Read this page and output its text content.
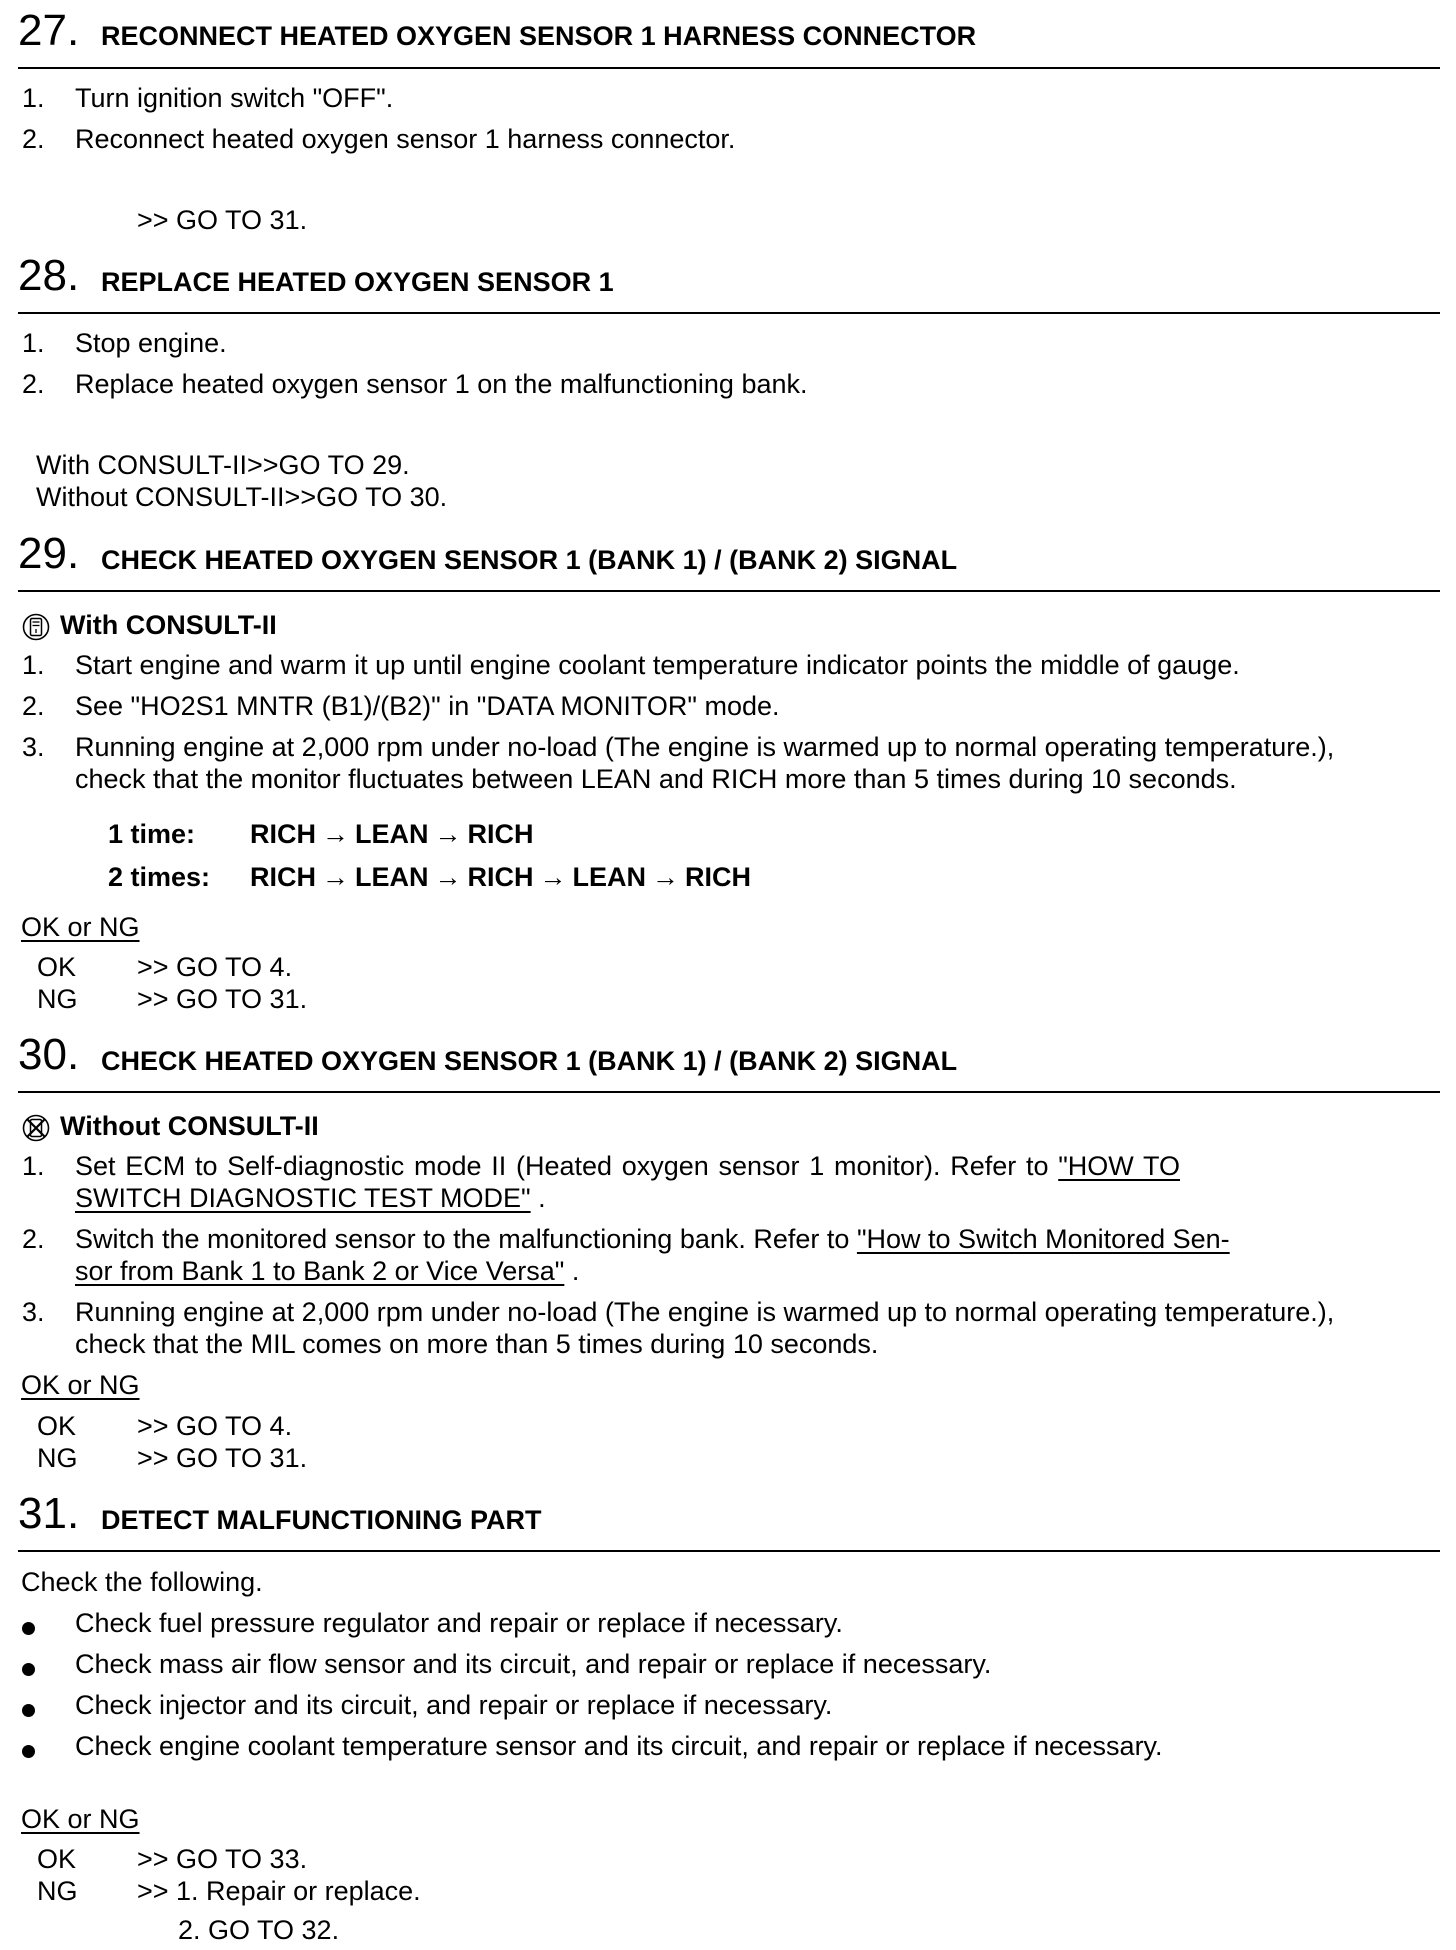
27. RECONNECT HEATED OXYGEN SENSOR 1 HARNESS CONNECTOR
1. Turn ignition switch "OFF".
2. Reconnect heated oxygen sensor 1 harness connector.
>> GO TO 31.
28. REPLACE HEATED OXYGEN SENSOR 1
1. Stop engine.
2. Replace heated oxygen sensor 1 on the malfunctioning bank.
With CONSULT-II>>GO TO 29.
Without CONSULT-II>>GO TO 30.
29. CHECK HEATED OXYGEN SENSOR 1 (BANK 1) / (BANK 2) SIGNAL
With CONSULT-II
1. Start engine and warm it up until engine coolant temperature indicator points the middle of gauge.
2. See "HO2S1 MNTR (B1)/(B2)" in "DATA MONITOR" mode.
3. Running engine at 2,000 rpm under no-load (The engine is warmed up to normal operating temperature.),
check that the monitor fluctuates between LEAN and RICH more than 5 times during 10 seconds.
1 time: RICH → LEAN → RICH
2 times: RICH → LEAN → RICH → LEAN → RICH
OK or NG
OK >> GO TO 4.
NG >> GO TO 31.
30. CHECK HEATED OXYGEN SENSOR 1 (BANK 1) / (BANK 2) SIGNAL
Without CONSULT-II
1. Set ECM to Self-diagnostic mode II (Heated oxygen sensor 1 monitor). Refer to "HOW TO
SWITCH DIAGNOSTIC TEST MODE" .
2. Switch the monitored sensor to the malfunctioning bank. Refer to "How to Switch Monitored Sen-
sor from Bank 1 to Bank 2 or Vice Versa" .
3. Running engine at 2,000 rpm under no-load (The engine is warmed up to normal operating temperature.),
check that the MIL comes on more than 5 times during 10 seconds.
OK or NG
OK >> GO TO 4.
NG >> GO TO 31.
31. DETECT MALFUNCTIONING PART
Check the following.
Check fuel pressure regulator and repair or replace if necessary.
Check mass air flow sensor and its circuit, and repair or replace if necessary.
Check injector and its circuit, and repair or replace if necessary.
Check engine coolant temperature sensor and its circuit, and repair or replace if necessary.
OK or NG
OK >> GO TO 33.
NG >> 1. Repair or replace.
2. GO TO 32.
